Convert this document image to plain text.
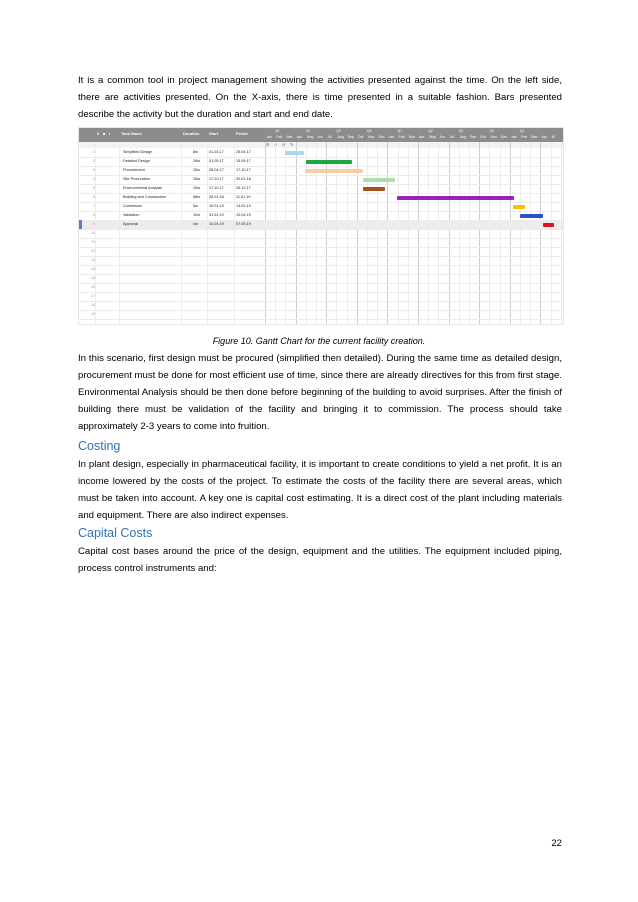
It is a common tool in project management showing the activities presented against the time. On the left side, there are activities presented. On the X-axis, there is time presented in a suitable fashion. Bars presented describe the activity but the duration and start and end date.

0 ■ i	Task Name	Duration Start	Finish	Q1	Q2	Q3	Q4	Q1	Q2	Q3	Q4	Q1
Jan Feb Mar Apr May Jun Jul Aug Sep Oct Nov Dec Jan Feb Mar Apr May Jun Jul Aug Sep Oct Nov Dec Jan Feb Mar Apr M
⚙ ⊕ ⊖ ✎
1	Simplified Design	8w	01.03.17	25.04.17
2	Detailed Design	28w 01.05.17	15.09.17
3	Procurement	25w 28.04.17	17.10.17
4	Site Procuration	15w 17.10.17	20.01.18
5	Environmental Analysis	10w 17.10.17	25.12.17
6	Building and Construction	58w 28.01.18	11.01.19
7	Commision	5w	10.01.19	14.02.19
8	Validation	10w 31.01.19	10.04.19
9	Approval	4w	10.04.19	07.05.19
10
11
12
13
14
15
16
17
18
19

Figure 10. Gantt Chart for the current facility creation.

In this scenario, first design must be procured (simplified then detailed). During the same time as detailed design, procurement must be done for most efficient use of time, since there are already directives for this from first stage. Environmental Analysis should be then done before beginning of the building to avoid surprises. After the finish of building there must be validation of the facility and bringing it to commission. The process should take approximately 2-3 years to come into fruition.

Costing

In plant design, especially in pharmaceutical facility, it is important to create conditions to yield a net profit. It is an income lowered by the costs of the project. To estimate the costs of the facility there are several areas, which must be taken into account. A key one is capital cost estimating. It is a direct cost of the plant including materials and equipment. There are also indirect expenses.

Capital Costs

Capital cost bases around the price of the design, equipment and the utilities. The equipment included piping, process control instruments and:

22
